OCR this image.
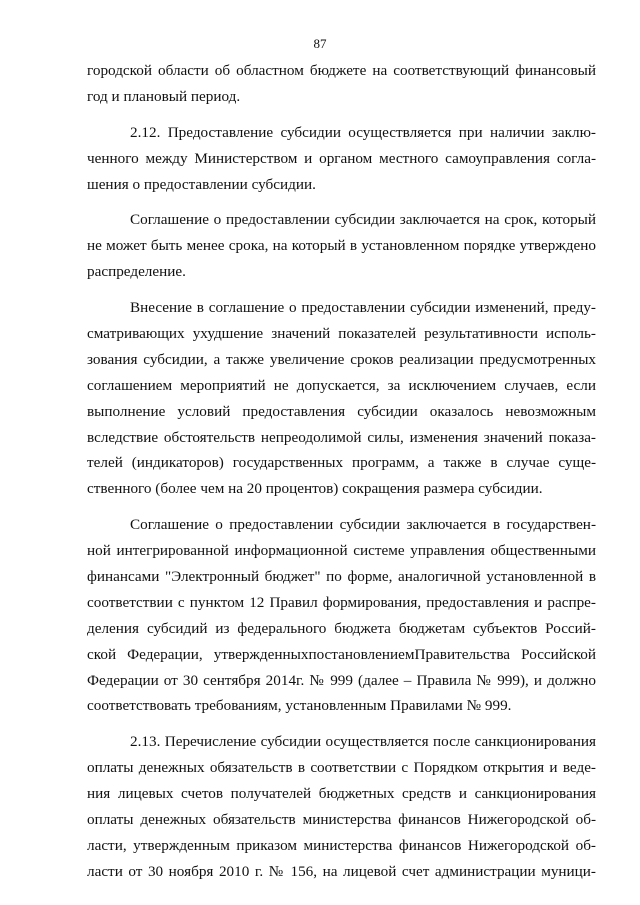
87
городской области об областном бюджете на соответствующий финансовый
год и плановый период.
2.12. Предоставление субсидии осуществляется при наличии заклю-
ченного между Министерством и органом местного самоуправления согла-
шения о предоставлении субсидии.
Соглашение о предоставлении субсидии заключается на срок, который
не может быть менее срока, на который в установленном порядке утверждено
распределение.
Внесение в соглашение о предоставлении субсидии изменений, преду-
сматривающих ухудшение значений показателей результативности исполь-
зования субсидии, а также увеличение сроков реализации предусмотренных
соглашением мероприятий не допускается, за исключением случаев, если
выполнение условий предоставления субсидии оказалось невозможным
вследствие обстоятельств непреодолимой силы, изменения значений показа-
телей (индикаторов) государственных программ, а также в случае суще-
ственного (более чем на 20 процентов) сокращения размера субсидии.
Соглашение о предоставлении субсидии заключается в государствен-
ной интегрированной информационной системе управления общественными
финансами "Электронный бюджет" по форме, аналогичной установленной в
соответствии с пунктом 12 Правил формирования, предоставления и распре-
деления субсидий из федерального бюджета бюджетам субъектов Россий-
ской Федерации, утвержденныхпостановлениемПравительства Российской
Федерации от 30 сентября 2014г. № 999 (далее – Правила № 999), и должно
соответствовать требованиям, установленным Правилами № 999.
2.13. Перечисление субсидии осуществляется после санкционирования
оплаты денежных обязательств в соответствии с Порядком открытия и веде-
ния лицевых счетов получателей бюджетных средств и санкционирования
оплаты денежных обязательств министерства финансов Нижегородской об-
ласти, утвержденным приказом министерства финансов Нижегородской об-
ласти от 30 ноября 2010 г. № 156, на лицевой счет администрации муници-
